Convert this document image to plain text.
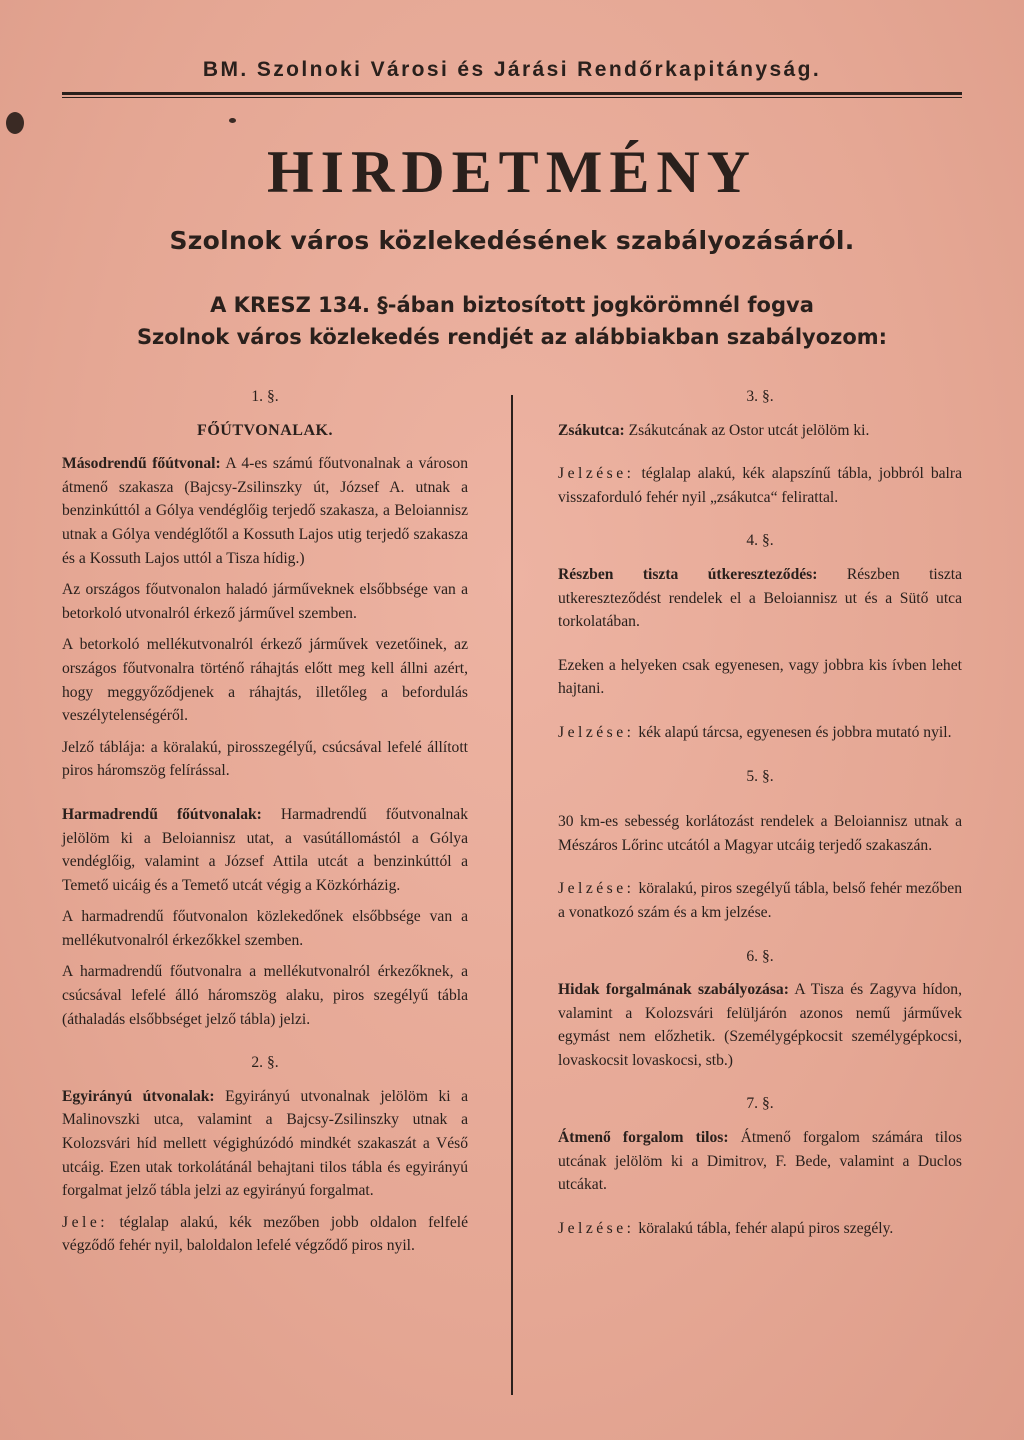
BM. Szolnoki Városi és Járási Rendőrkapitányság.
HIRDETMÉNY
Szolnok város közlekedésének szabályozásáról.
A KRESZ 134. §-ában biztosított jogkörömnél fogva
Szolnok város közlekedés rendjét az alábbiakban szabályozom:
1. §.
FŐÚTVONALAK.

Másodrendű főútvonal: A 4-es számú főutvonalnak a városon átmenő szakasza (Bajcsy-Zsilinszky út, József A. utnak a benzinkúttól a Gólya vendéglőig terjedő szakasza, a Beloiannisz utnak a Gólya vendéglőtől a Kossuth Lajos utig terjedő szakasza és a Kossuth Lajos uttól a Tisza hídig.)

Az országos főutvonalon haladó járműveknek elsőbbsége van a betorkoló utvonalról érkező járművel szemben.

A betorkoló mellékutvonalról érkező járművek vezetőinek, az országos főutvonalra történő ráhajtás előtt meg kell állni azért, hogy meggyőződjenek a ráhajtás, illetőleg a befordulás veszélytelenségéről.

Jelző táblája: a köralakú, pirosszegélyű, csúcsával lefelé állított piros háromszög felírással.

Harmadrendű főútvonalak: Harmadrendű főutvonalnak jelölöm ki a Beloiannisz utat, a vasútállomástól a Gólya vendéglőig, valamint a József Attila utcát a benzinkúttól a Temető uicáig és a Temető utcát végig a Közkórházig.

A harmadrendű főutvonalon közlekedőnek elsőbbsége van a mellékutvonalról érkezőkkel szemben.

A harmadrendű főutvonalra a mellékutvonalról érkezőknek, a csúcsával lefelé álló háromszög alaku, piros szegélyű tábla (áthaladás elsőbbséget jelző tábla) jelzi.

2. §.

Egyirányú útvonalak: Egyirányú utvonalnak jelölöm ki a Malinovszki utca, valamint a Bajcsy-Zsilinszky utnak a Kolozsvári híd mellett végighúzódó mindkét szakaszát a Véső utcáig. Ezen utak torkolátánál behajtani tilos tábla és egyirányú forgalmat jelző tábla jelzi az egyirányú forgalmat.

Jele: téglalap alakú, kék mezőben jobb oldalon felfelé végződő fehér nyil, baloldalon lefelé végződő piros nyil.

3. §.

Zsákutca: Zsákutcának az Ostor utcát jelölöm ki.

Jelzése: téglalap alakú, kék alapszínű tábla, jobbról balra visszaforduló fehér nyil „zsákutca“ felirattal.

4. §.

Részben tiszta útkereszteződés: Részben tiszta utkereszteződést rendelek el a Beloiannisz ut és a Sütő utca torkolatában.

Ezeken a helyeken csak egyenesen, vagy jobbra kis ívben lehet hajtani.

Jelzése: kék alapú tárcsa, egyenesen és jobbra mutató nyil.

5. §.

30 km-es sebesség korlátozást rendelek a Beloiannisz utnak a Mészáros Lőrinc utcától a Magyar utcáig terjedő szakaszán.

Jelzése: köralakú, piros szegélyű tábla, belső fehér mezőben a vonatkozó szám és a km jelzése.

6. §.

Hidak forgalmának szabályozása: A Tisza és Zagyva hídon, valamint a Kolozsvári felüljárón azonos nemű járművek egymást nem előzhetik. (Személygépkocsit személygépkocsi, lovaskocsit lovaskocsi, stb.)

7. §.

Átmenő forgalom tilos: Átmenő forgalom számára tilos utcának jelölöm ki a Dimitrov, F. Bede, valamint a Duclos utcákat.

Jelzése: köralakú tábla, fehér alapú piros szegély.
